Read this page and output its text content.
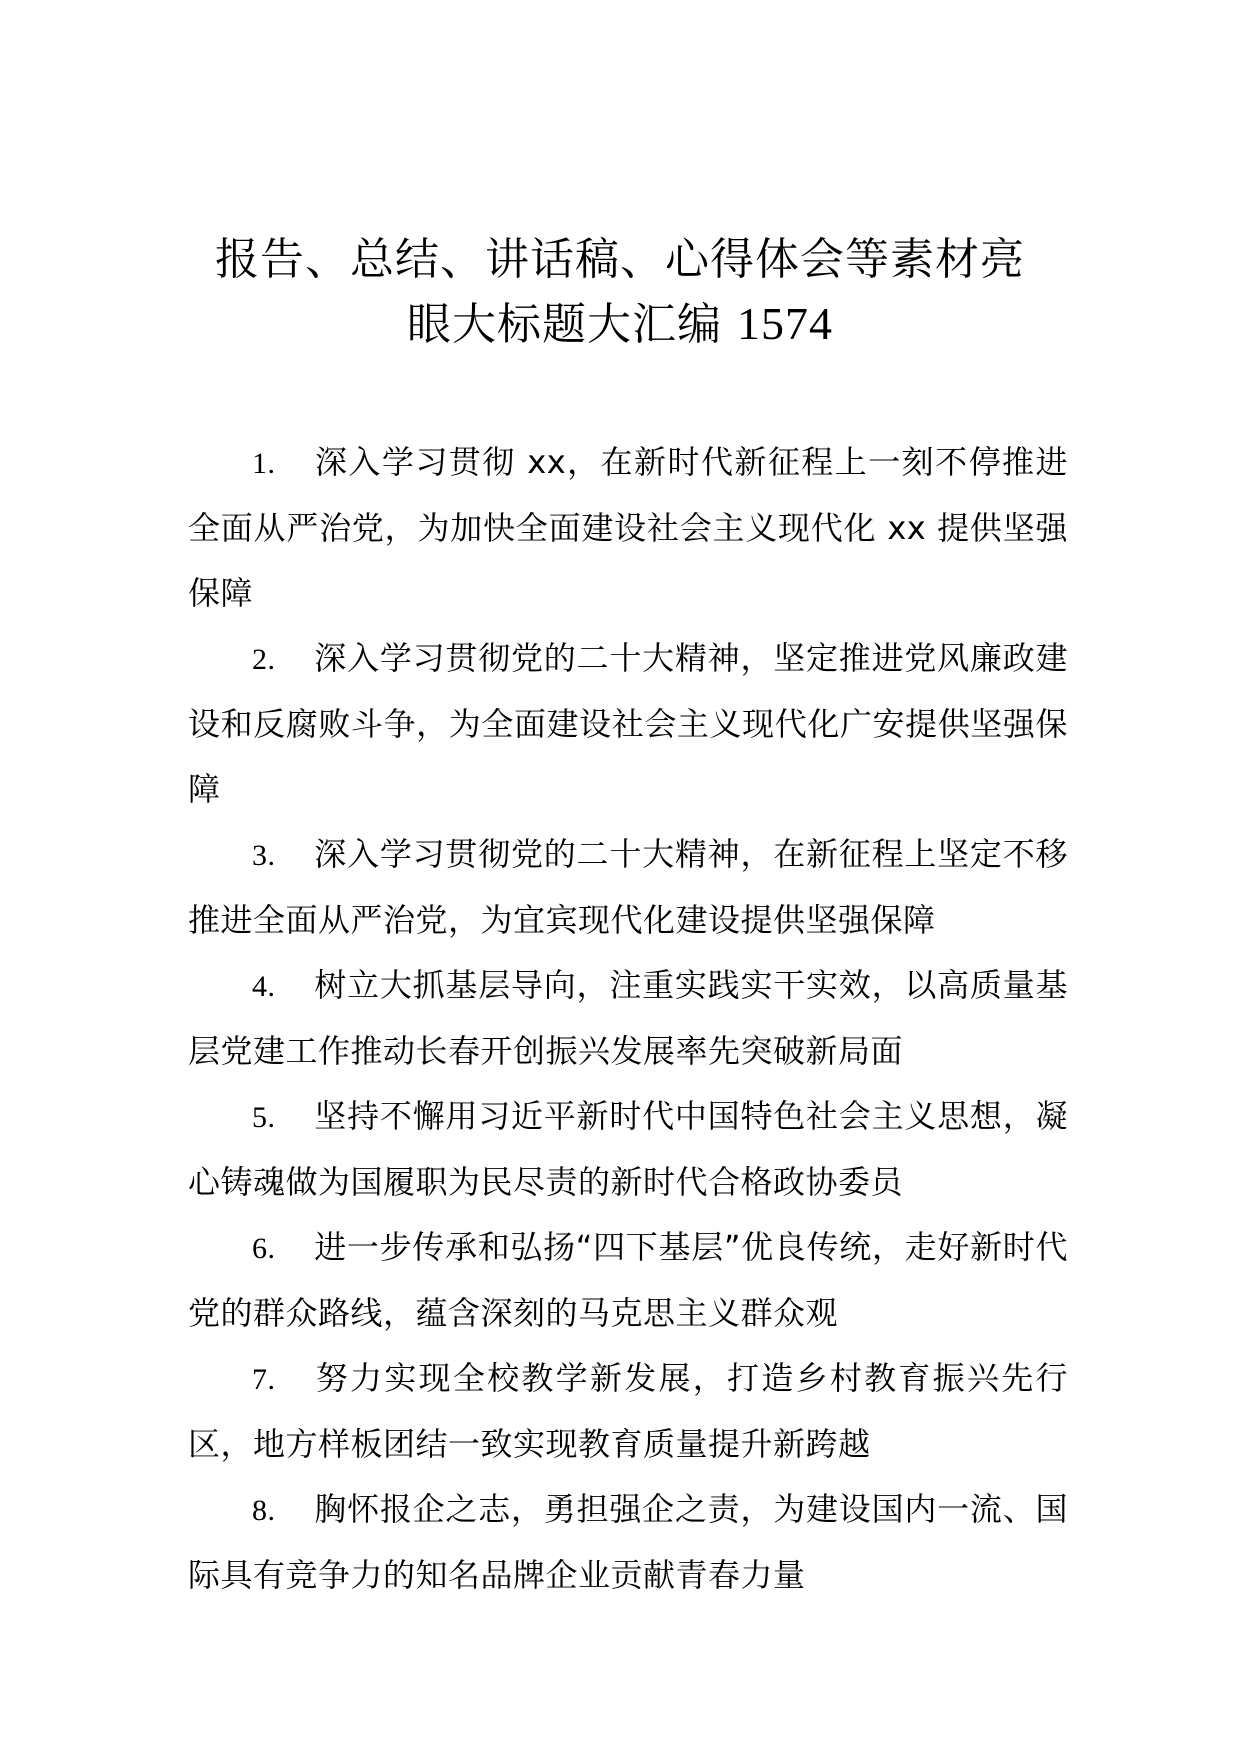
报告、总结、讲话稿、心得体会等素材亮
眼大标题大汇编 1574

1. 深入学习贯彻 xx，在新时代新征程上一刻不停推进全面从严治党，为加快全面建设社会主义现代化 xx 提供坚强保障

2. 深入学习贯彻党的二十大精神，坚定推进党风廉政建设和反腐败斗争，为全面建设社会主义现代化广安提供坚强保障

3. 深入学习贯彻党的二十大精神，在新征程上坚定不移推进全面从严治党，为宜宾现代化建设提供坚强保障

4. 树立大抓基层导向，注重实践实干实效，以高质量基层党建工作推动长春开创振兴发展率先突破新局面

5. 坚持不懈用习近平新时代中国特色社会主义思想，凝心铸魂做为国履职为民尽责的新时代合格政协委员

6. 进一步传承和弘扬“四下基层”优良传统，走好新时代党的群众路线，蕴含深刻的马克思主义群众观

7. 努力实现全校教学新发展，打造乡村教育振兴先行区，地方样板团结一致实现教育质量提升新跨越

8. 胸怀报企之志，勇担强企之责，为建设国内一流、国际具有竞争力的知名品牌企业贡献青春力量
